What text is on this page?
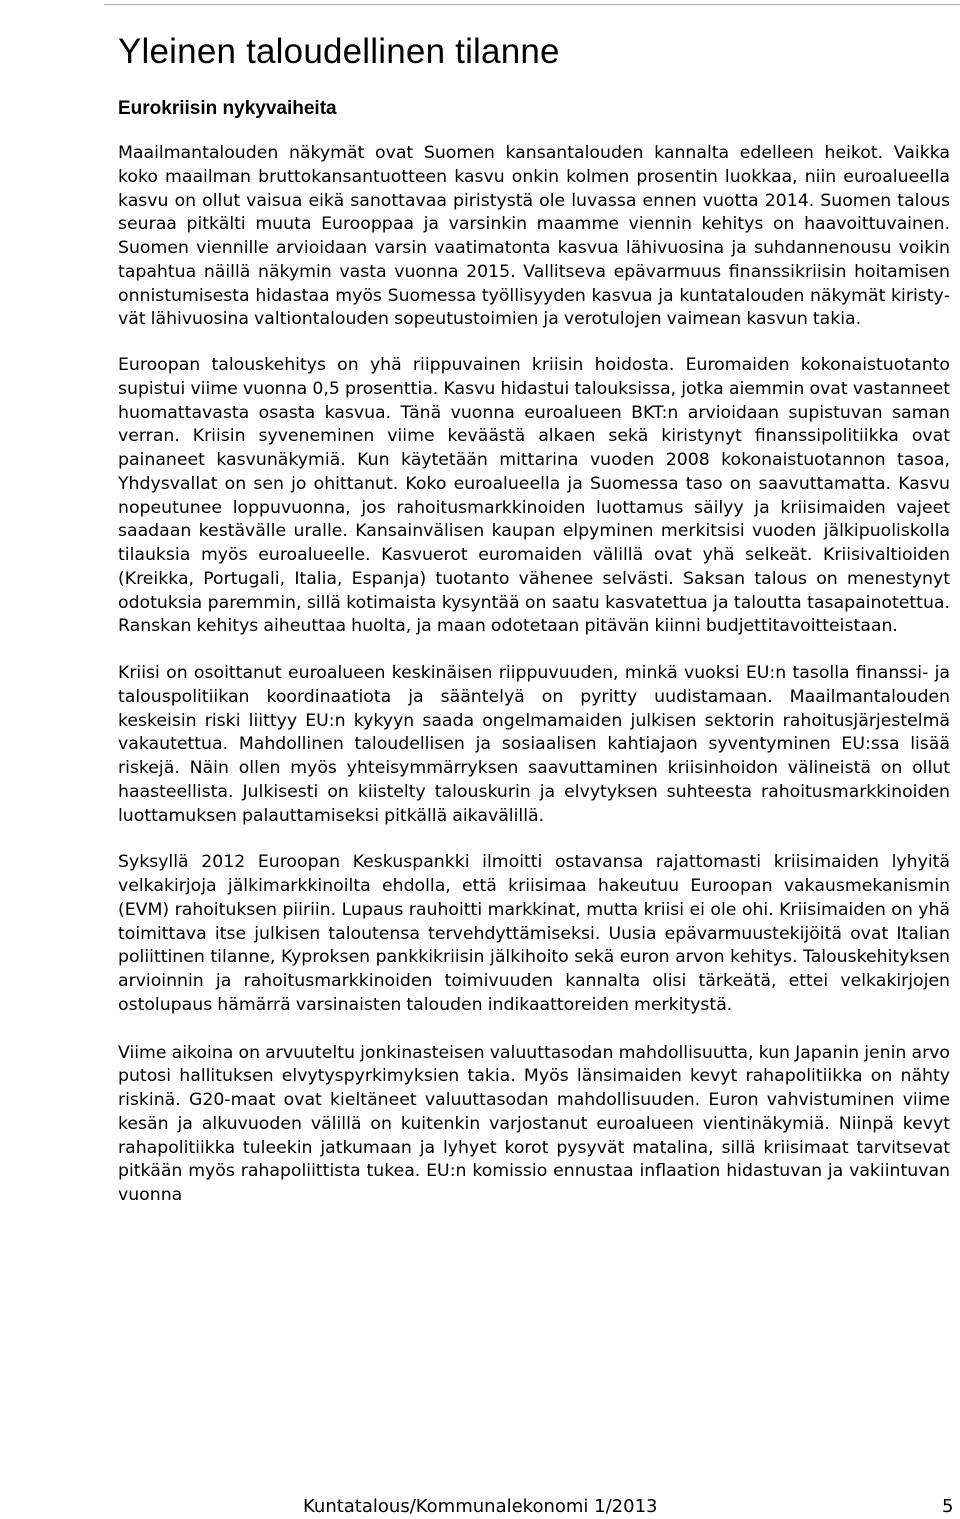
Yleinen taloudellinen tilanne
Eurokriisin nykyvaiheita

Maailmantalouden näkymät ovat Suomen kansantalouden kannalta edelleen heikot. Vaikka koko maailman bruttokansantuotteen kasvu onkin kolmen prosentin luokkaa, niin euroalueella kasvu on ollut vaisua eikä sanottavaa piristystä ole luvassa ennen vuotta 2014. Suomen talous seuraa pitkälti muuta Eurooppaa ja varsinkin maamme viennin kehitys on haavoittuvainen. Suomen viennille arvioidaan varsin vaatimatonta kasvua lähivuosina ja suhdannenousu voikin tapahtua näillä näkymin vasta vuonna 2015. Vallitseva epävarmuus finanssikriisin hoitamisen onnistumisesta hidastaa myös Suomessa työllisyyden kasvua ja kuntatalouden näkymät kiristyvät lähivuosina valtiontalouden sopeutustoimien ja verotulojen vaimean kasvun takia.

Euroopan talouskehitys on yhä riippuvainen kriisin hoidosta. Euromaiden kokonaistuotanto supistui viime vuonna 0,5 prosenttia. Kasvu hidastui talouksissa, jotka aiemmin ovat vastanneet huomattavasta osasta kasvua. Tänä vuonna euroalueen BKT:n arvioidaan supistuvan saman verran. Kriisin syveneminen viime keväästä alkaen sekä kiristynyt finanssipolitiikka ovat painaneet kasvunäkymiä. Kun käytetään mittarina vuoden 2008 kokonaistuotannon tasoa, Yhdysvallat on sen jo ohittanut. Koko euroalueella ja Suomessa taso on saavuttamatta. Kasvu nopeutunee loppuvuonna, jos rahoitusmarkkinoiden luottamus säilyy ja kriisimaiden vajeet saadaan kestävälle uralle. Kansainvälisen kaupan elpyminen merkitsisi vuoden jälkipuoliskolla tilauksia myös euroalueelle. Kasvuerot euromaiden välillä ovat yhä selkeät. Kriisivaltioiden (Kreikka, Portugali, Italia, Espanja) tuotanto vähenee selvästi. Saksan talous on menestynyt odotuksia paremmin, sillä kotimaista kysyntää on saatu kasvatettua ja taloutta tasapainotettua. Ranskan kehitys aiheuttaa huolta, ja maan odotetaan pitävän kiinni budjettitavoitteistaan.

Kriisi on osoittanut euroalueen keskinäisen riippuvuuden, minkä vuoksi EU:n tasolla finanssi- ja talouspolitiikan koordinaatiota ja sääntelyä on pyritty uudistamaan. Maailmantalouden keskeisin riski liittyy EU:n kykyyn saada ongelmamaiden julkisen sektorin rahoitusjärjestelmä vakautettua. Mahdollinen taloudellisen ja sosiaalisen kahtiajaon syventyminen EU:ssa lisää riskejä. Näin ollen myös yhteisymmärryksen saavuttaminen kriisinhoidon välineistä on ollut haasteellista. Julkisesti on kiistelty talouskurin ja elvytyksen suhteesta rahoitusmarkkinoiden luottamuksen palauttamiseksi pitkällä aikavälillä.

Syksyllä 2012 Euroopan Keskuspankki ilmoitti ostavansa rajattomasti kriisimaiden lyhyitä velkakirjoja jälkimarkkinoilta ehdolla, että kriisimaa hakeutuu Euroopan vakausmekanismin (EVM) rahoituksen piiriin. Lupaus rauhoitti markkinat, mutta kriisi ei ole ohi. Kriisimaiden on yhä toimittava itse julkisen taloutensa tervehdyttämiseksi. Uusia epävarmuustekijöitä ovat Italian poliittinen tilanne, Kyproksen pankkikriisin jälkihoito sekä euron arvon kehitys. Talouskehityksen arvioinnin ja rahoitusmarkkinoiden toimivuuden kannalta olisi tärkeätä, ettei velkakirjojen ostolupaus hämärrä varsinaisten talouden indikaattoreiden merkitystä.

Viime aikoina on arvuuteltu jonkinasteisen valuuttasodan mahdollisuutta, kun Japanin jenin arvo putosi hallituksen elvytyspyrkimyksien takia. Myös länsimaiden kevyt rahapolitiikka on nähty riskinä. G20-maat ovat kieltäneet valuuttasodan mahdollisuuden. Euron vahvistuminen viime kesän ja alkuvuoden välillä on kuitenkin varjostanut euroalueen vientinäkymiä. Niinpä kevyt rahapolitiikka tuleekin jatkumaan ja lyhyet korot pysyvät matalina, sillä kriisimaat tarvitsevat pitkään myös rahapoliittista tukea. EU:n komissio ennustaa inflaation hidastuvan ja vakiintuvan vuonna

Kuntatalous/Kommunalekonomi 1/2013	5
